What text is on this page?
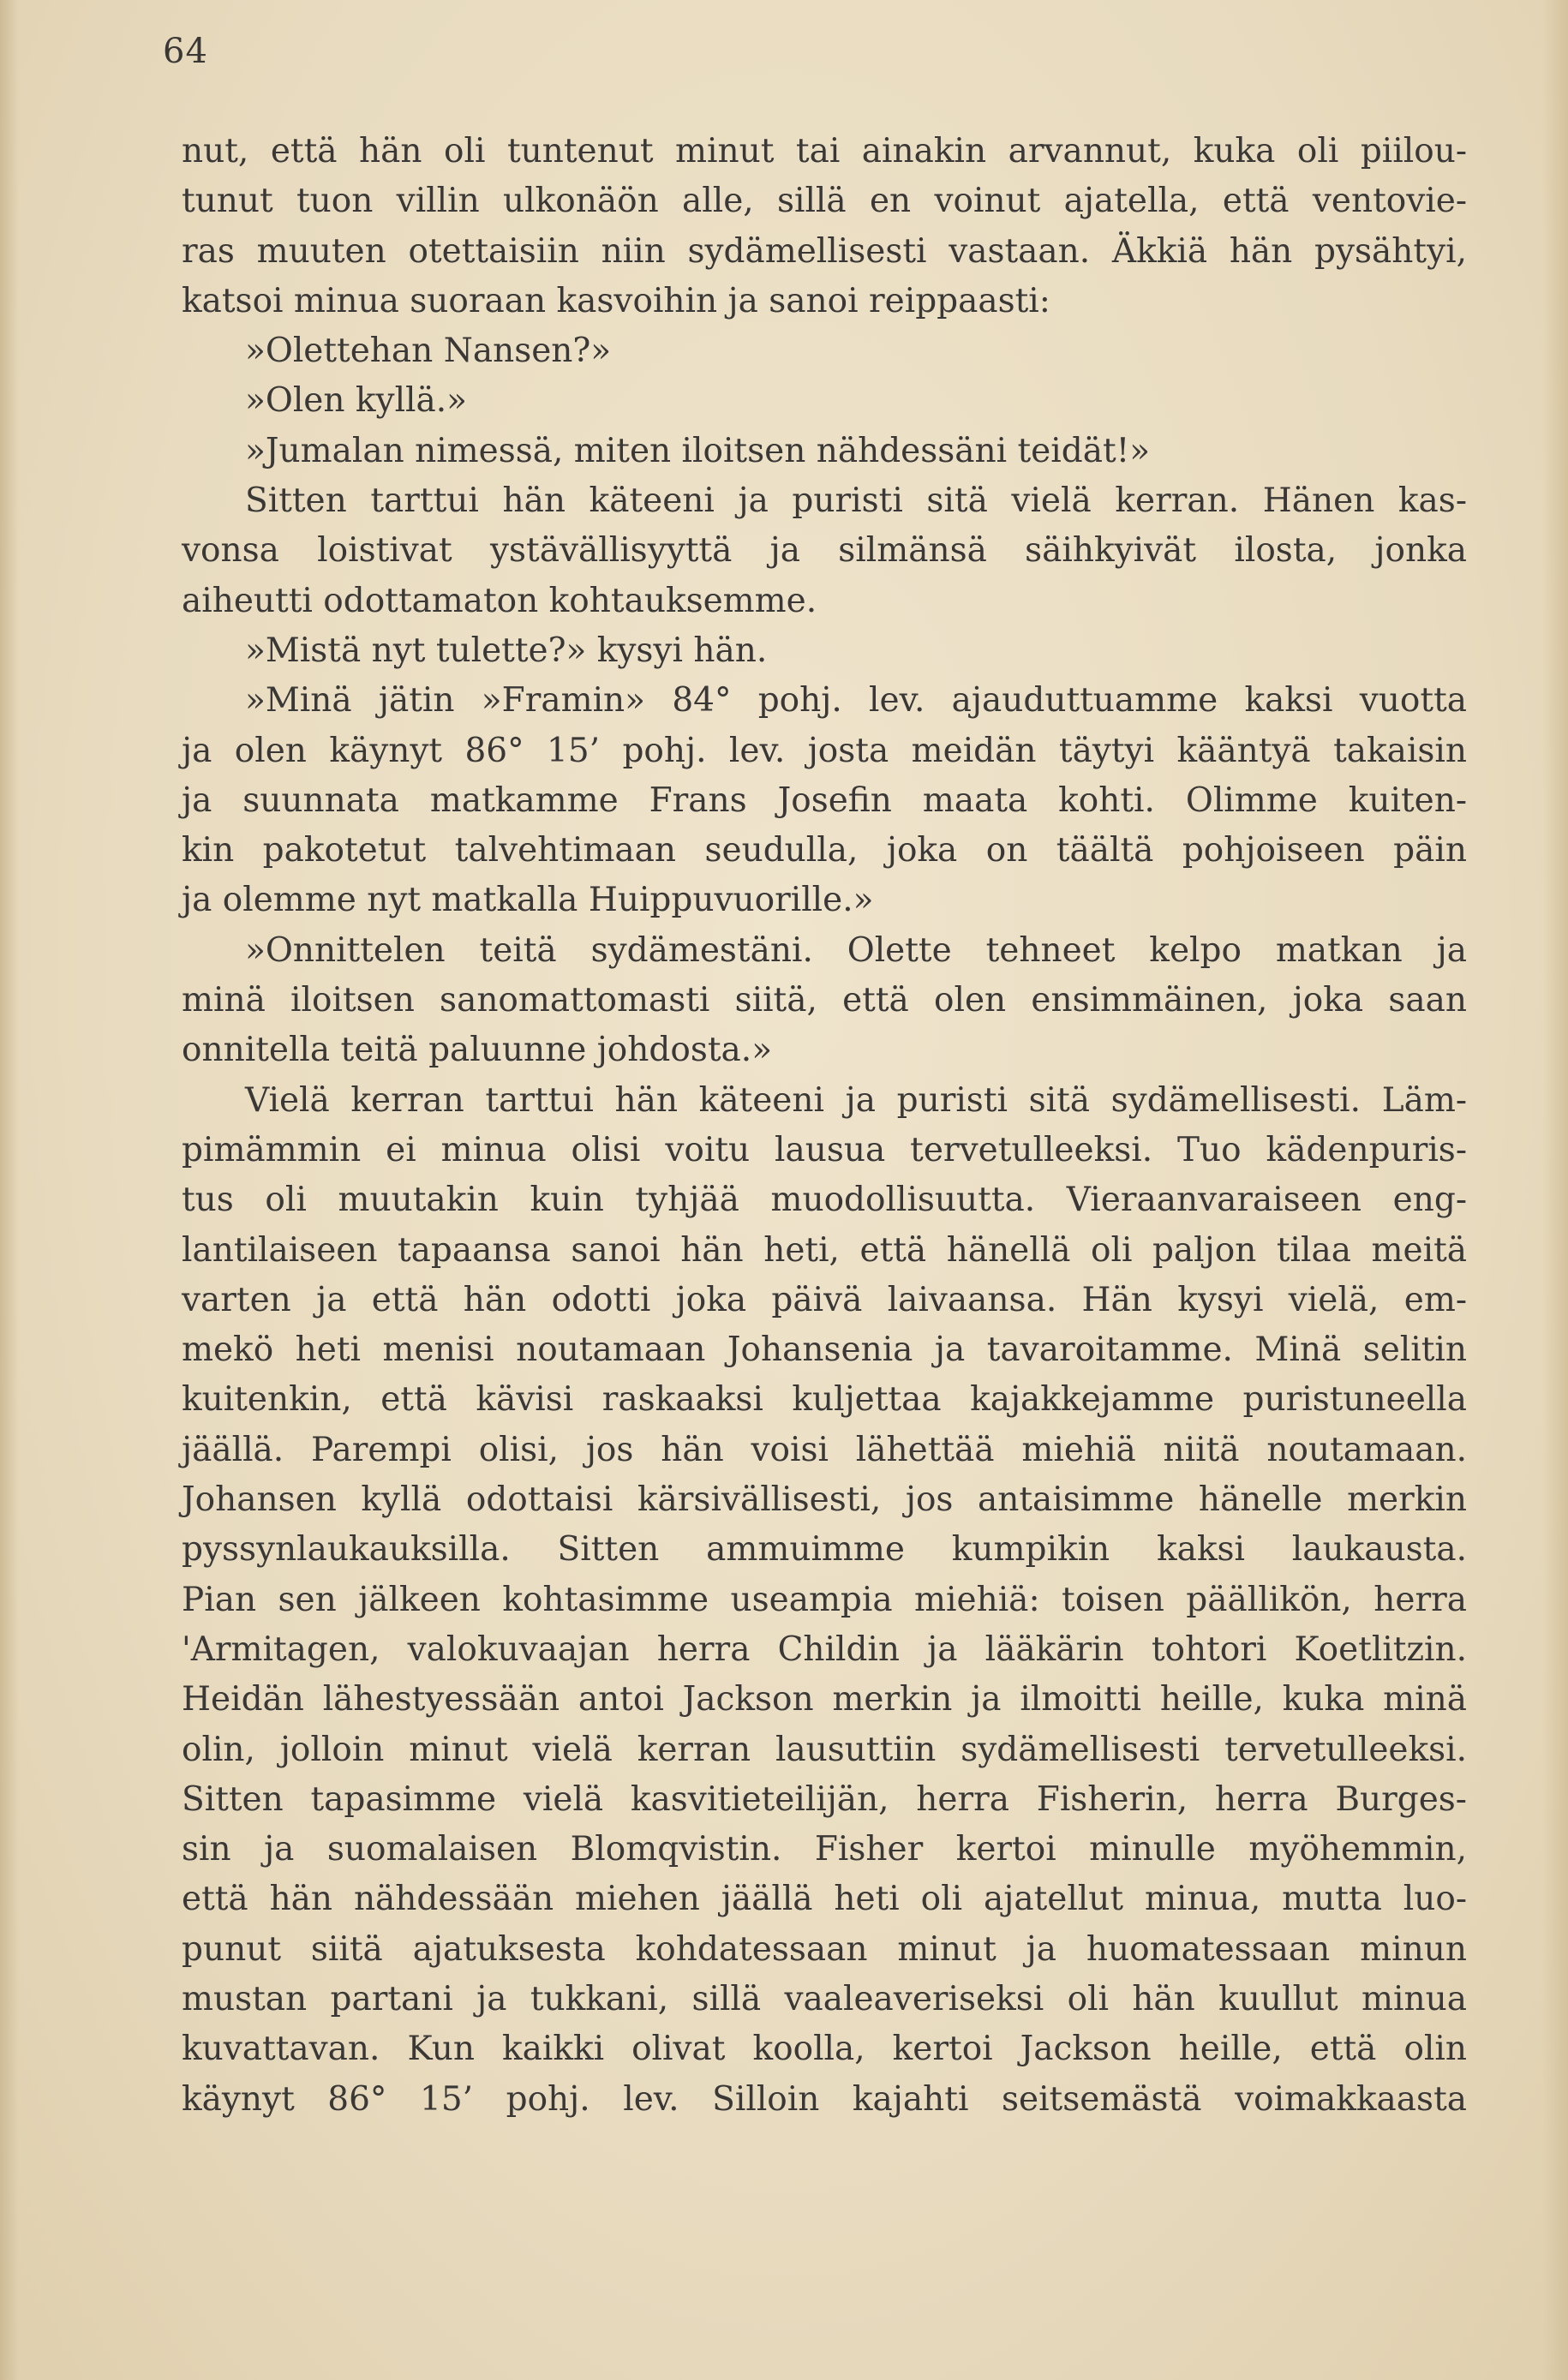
64
nut, että hän oli tuntenut minut tai ainakin arvannut, kuka oli piilou-
tunut tuon villin ulkonäön alle, sillä en voinut ajatella, että ventovie-
ras muuten otettaisiin niin sydämellisesti vastaan. Äkkiä hän pysähtyi,
katsoi minua suoraan kasvoihin ja sanoi reippaasti:
»Olettehan Nansen?»
»Olen kyllä.»
»Jumalan nimessä, miten iloitsen nähdessäni teidät!»
Sitten tarttui hän käteeni ja puristi sitä vielä kerran. Hänen kas-
vonsa loistivat ystävällisyyttä ja silmänsä säihkyivät ilosta, jonka
aiheutti odottamaton kohtauksemme.
»Mistä nyt tulette?» kysyi hän.
»Minä jätin »Framin» 84° pohj. lev. ajauduttuamme kaksi vuotta
ja olen käynyt 86° 15’ pohj. lev. josta meidän täytyi kääntyä takaisin
ja suunnata matkamme Frans Josefin maata kohti. Olimme kuiten-
kin pakotetut talvehtimaan seudulla, joka on täältä pohjoiseen päin
ja olemme nyt matkalla Huippuvuorille.»
»Onnittelen teitä sydämestäni. Olette tehneet kelpo matkan ja
minä iloitsen sanomattomasti siitä, että olen ensimmäinen, joka saan
onnitella teitä paluunne johdosta.»
Vielä kerran tarttui hän käteeni ja puristi sitä sydämellisesti. Läm-
pimämmin ei minua olisi voitu lausua tervetulleeksi. Tuo kädenpuris-
tus oli muutakin kuin tyhjää muodollisuutta. Vieraanvaraiseen eng-
lantilaiseen tapaansa sanoi hän heti, että hänellä oli paljon tilaa meitä
varten ja että hän odotti joka päivä laivaansa. Hän kysyi vielä, em-
mekö heti menisi noutamaan Johansenia ja tavaroitamme. Minä selitin
kuitenkin, että kävisi raskaaksi kuljettaa kajakkejamme puristuneella
jäällä. Parempi olisi, jos hän voisi lähettää miehiä niitä noutamaan.
Johansen kyllä odottaisi kärsivällisesti, jos antaisimme hänelle merkin
pyssynlaukauksilla. Sitten ammuimme kumpikin kaksi laukausta.
Pian sen jälkeen kohtasimme useampia miehiä: toisen päällikön, herra
'Armitagen, valokuvaajan herra Childin ja lääkärin tohtori Koetlitzin.
Heidän lähestyessään antoi Jackson merkin ja ilmoitti heille, kuka minä
olin, jolloin minut vielä kerran lausuttiin sydämellisesti tervetulleeksi.
Sitten tapasimme vielä kasvitieteilijän, herra Fisherin, herra Burges-
sin ja suomalaisen Blomqvistin. Fisher kertoi minulle myöhemmin,
että hän nähdessään miehen jäällä heti oli ajatellut minua, mutta luo-
punut siitä ajatuksesta kohdatessaan minut ja huomatessaan minun
mustan partani ja tukkani, sillä vaaleaveriseksi oli hän kuullut minua
kuvattavan. Kun kaikki olivat koolla, kertoi Jackson heille, että olin
käynyt 86° 15’ pohj. lev. Silloin kajahti seitsemästä voimakkaasta
